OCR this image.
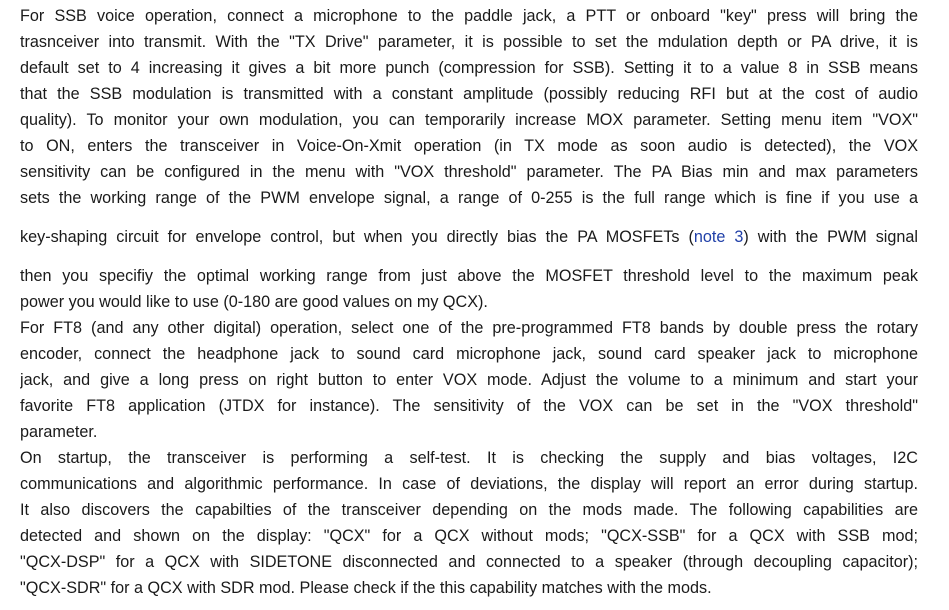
For SSB voice operation, connect a microphone to the paddle jack, a PTT or onboard "key" press will bring the
trasnceiver into transmit. With the "TX Drive" parameter, it is possible to set the mdulation depth or PA drive, it is
default set to 4 increasing it gives a bit more punch (compression for SSB). Setting it to a value 8 in SSB means
that the SSB modulation is transmitted with a constant amplitude (possibly reducing RFI but at the cost of audio
quality). To monitor your own modulation, you can temporarily increase MOX parameter. Setting menu item "VOX"
to ON, enters the transceiver in Voice-On-Xmit operation (in TX mode as soon audio is detected), the VOX
sensitivity can be configured in the menu with "VOX threshold" parameter. The PA Bias min and max parameters
sets the working range of the PWM envelope signal, a range of 0-255 is the full range which is fine if you use a
key-shaping circuit for envelope control, but when you directly bias the PA MOSFETs (note 3) with the PWM signal
then you specifiy the optimal working range from just above the MOSFET threshold level to the maximum peak
power you would like to use (0-180 are good values on my QCX).
For FT8 (and any other digital) operation, select one of the pre-programmed FT8 bands by double press the rotary
encoder, connect the headphone jack to sound card microphone jack, sound card speaker jack to microphone
jack, and give a long press on right button to enter VOX mode. Adjust the volume to a minimum and start your
favorite FT8 application (JTDX for instance). The sensitivity of the VOX can be set in the "VOX threshold"
parameter.
On startup, the transceiver is performing a self-test. It is checking the supply and bias voltages, I2C
communications and algorithmic performance. In case of deviations, the display will report an error during startup.
It also discovers the capabilties of the transceiver depending on the mods made. The following capabilities are
detected and shown on the display: "QCX" for a QCX without mods; "QCX-SSB" for a QCX with SSB mod;
"QCX-DSP" for a QCX with SIDETONE disconnected and connected to a speaker (through decoupling capacitor);
"QCX-SDR" for a QCX with SDR mod. Please check if the this capability matches with the mods.
